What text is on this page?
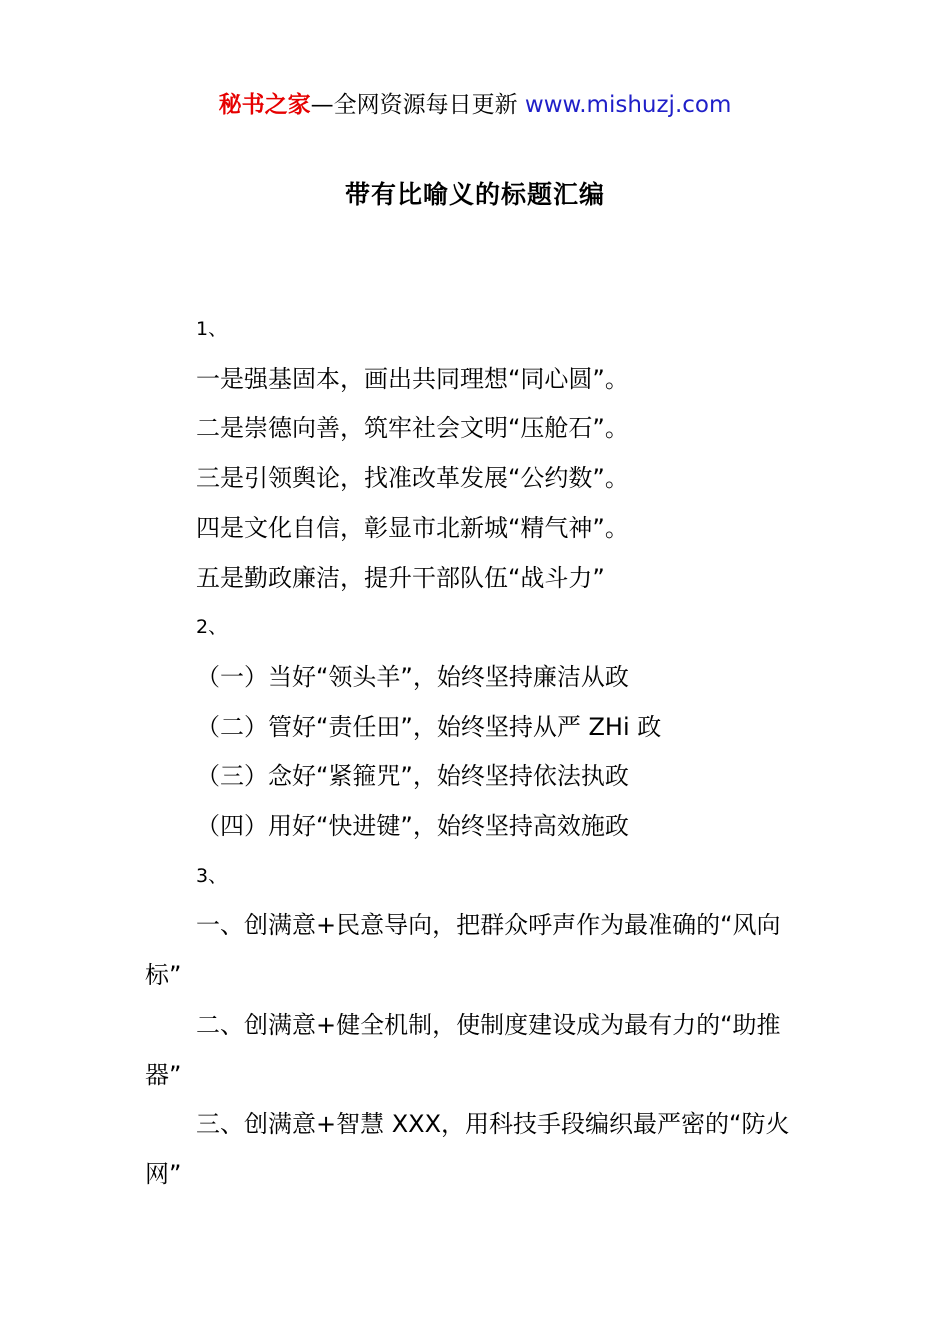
秘书之家—全网资源每日更新 www.mishuzj.com
带有比喻义的标题汇编
1、
一是强基固本，画出共同理想“同心圆”。
二是崇德向善，筑牢社会文明“压舱石”。
三是引领舆论，找准改革发展“公约数”。
四是文化自信，彰显市北新城“精气神”。
五是勤政廉洁，提升干部队伍“战斗力”
2、
（一）当好“领头羊”，始终坚持廉洁从政
（二）管好“责任田”，始终坚持从严 ZHi 政
（三）念好“紧箍咒”，始终坚持依法执政
（四）用好“快进键”，始终坚持高效施政
3、
一、创满意+民意导向，把群众呼声作为最准确的“风向标”
二、创满意+健全机制，使制度建设成为最有力的“助推器”
三、创满意+智慧 XXX，用科技手段编织最严密的“防火网”
